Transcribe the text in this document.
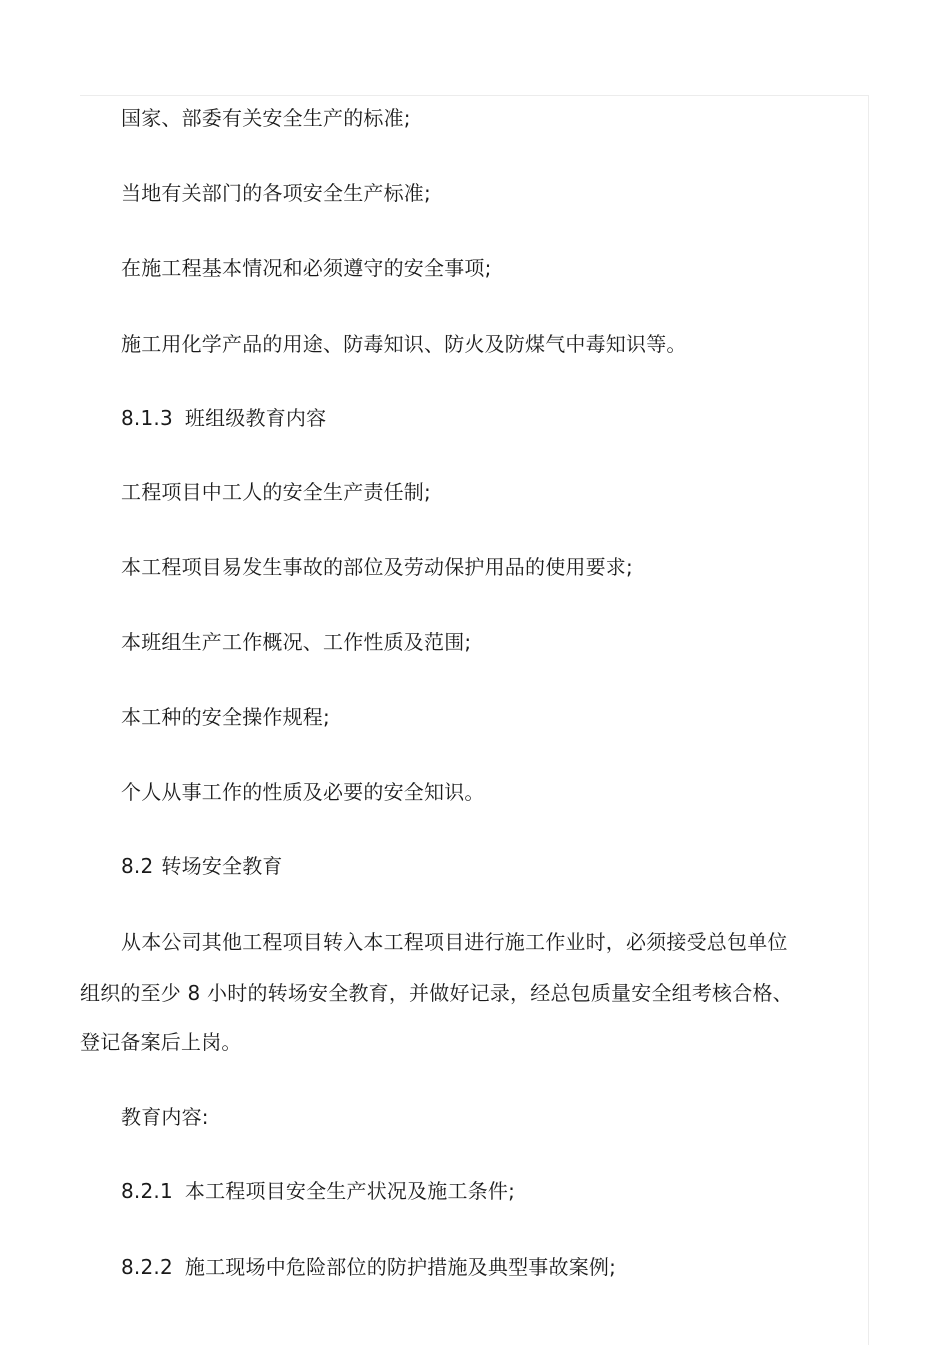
国家、部委有关安全生产的标准;
当地有关部门的各项安全生产标准;
在施工程基本情况和必须遵守的安全事项;
施工用化学产品的用途、防毒知识、防火及防煤气中毒知识等。
8.1.3 班组级教育内容
工程项目中工人的安全生产责任制;
本工程项目易发生事故的部位及劳动保护用品的使用要求;
本班组生产工作概况、工作性质及范围;
本工种的安全操作规程;
个人从事工作的性质及必要的安全知识。
8.2 转场安全教育
从本公司其他工程项目转入本工程项目进行施工作业时，必须接受总包单位
组织的至少 8 小时的转场安全教育，并做好记录，经总包质量安全组考核合格、
登记备案后上岗。
教育内容:
8.2.1 本工程项目安全生产状况及施工条件;
8.2.2 施工现场中危险部位的防护措施及典型事故案例;
